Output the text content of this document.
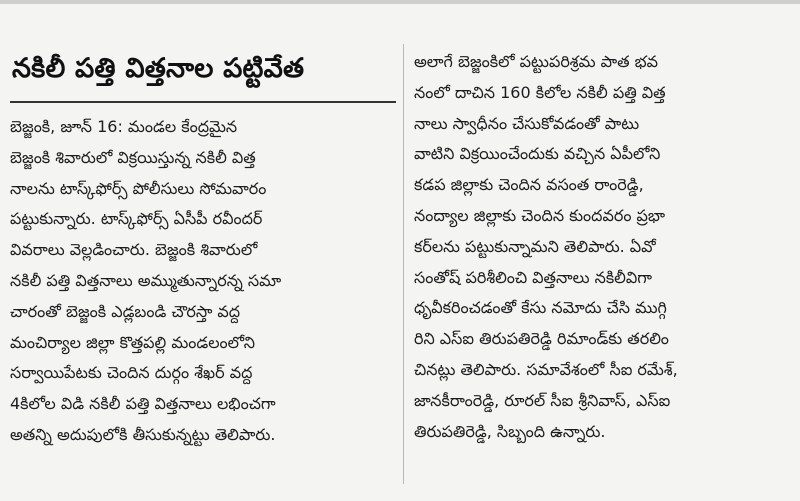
నకిలీ పత్తి విత్తనాల పట్టివేత
బెజ్జంకి, జూన్ 16: మండల కేంద్రమైన
బెజ్జంకి శివారులో విక్రయిస్తున్న నకిలీ విత్త
నాలను టాస్క్‌ఫోర్స్ పోలీసులు సోమవారం
పట్టుకున్నారు. టాస్క్‌ఫోర్స్ ఏసీపీ రవీందర్
వివరాలు వెల్లడించారు. బెజ్జంకి శివారులో
నకిలీ పత్తి విత్తనాలు అమ్ముతున్నారన్న సమా
చారంతో బెజ్జంకి ఎడ్లబండి చౌరస్తా వద్ద
మంచిర్యాల జిల్లా కొత్తపల్లి మండలంలోని
సర్వాయిపేటకు చెందిన దుర్గం శేఖర్ వద్ద
4కిలోల విడి నకిలీ పత్తి విత్తనాలు లభించగా
అతన్ని అదుపులోకి తీసుకున్నట్టు తెలిపారు.
అలాగే బెజ్జంకిలో పట్టుపరిశ్రమ పాత భవ
నంలో దాచిన 160 కిలోల నకిలీ పత్తి విత్త
నాలు స్వాధీనం చేసుకోవడంతో పాటు
వాటిని విక్రయించేందుకు వచ్చిన ఏపీలోని
కడప జిల్లాకు చెందిన వసంత రాంరెడ్డి,
నంద్యాల జిల్లాకు చెందిన కుందవరం ప్రభా
కర్‌లను పట్టుకున్నామని తెలిపారు. ఏవో
సంతోష్ పరిశీలించి విత్తనాలు నకిలీవిగా
ధృవీకరించడంతో కేసు నమోదు చేసి ముగ్గి
రిని ఎస్‌ఐ తిరుపతిరెడ్డి రిమాండ్‌కు తరలిం
చినట్లు తెలిపారు. సమావేశంలో సీఐ రమేశ్,
జానకీరాంరెడ్డి, రూరల్ సీఐ శ్రీనివాస్, ఎస్ఐ
తిరుపతిరెడ్డి, సిబ్బంది ఉన్నారు.
